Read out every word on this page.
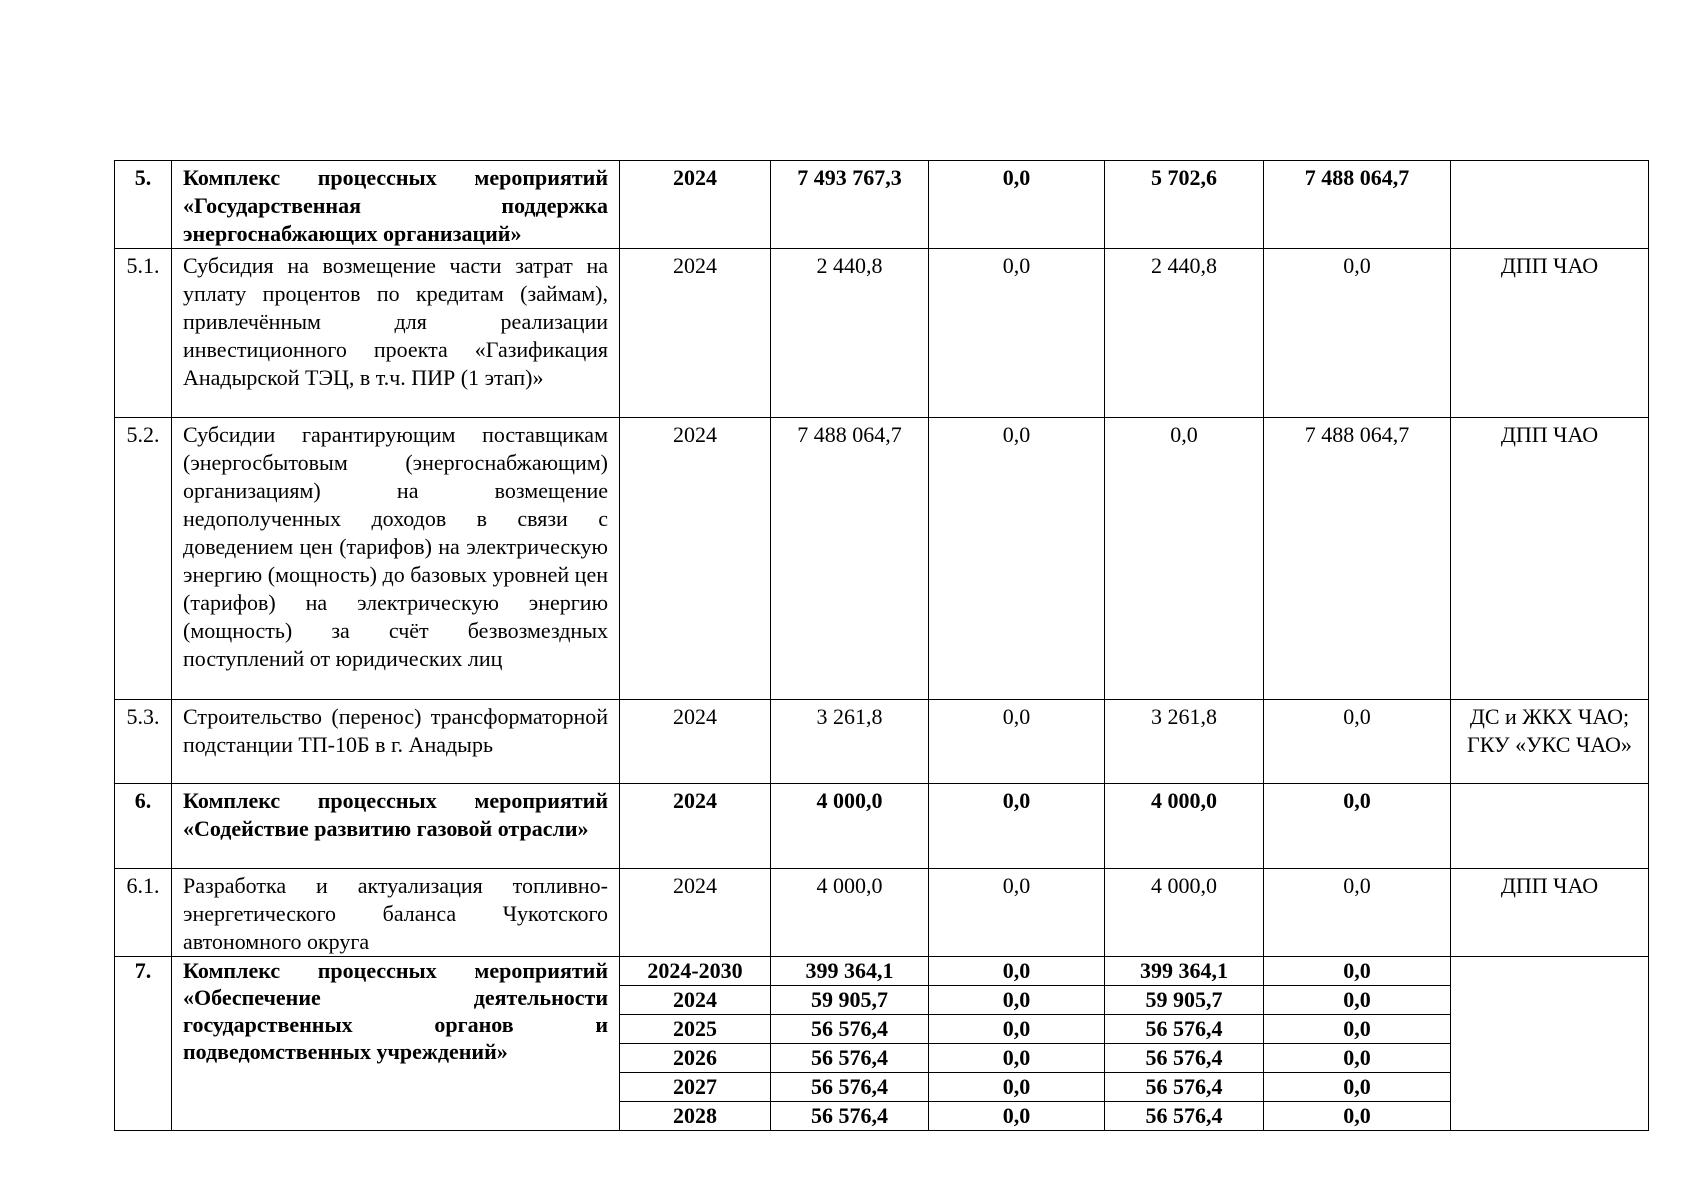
5.	Комплекс процессных мероприятий «Государственная поддержка энергоснабжающих организаций»	2024	7 493 767,3	0,0	5 702,6	7 488 064,7	
5.1.	Субсидия на возмещение части затрат на уплату процентов по кредитам (займам), привлечённым для реализации инвестиционного проекта «Газификация Анадырской ТЭЦ, в т.ч. ПИР (1 этап)»	2024	2 440,8	0,0	2 440,8	0,0	ДПП ЧАО
5.2.	Субсидии гарантирующим поставщикам (энергосбытовым (энергоснабжающим) организациям) на возмещение недополученных доходов в связи с доведением цен (тарифов) на электрическую энергию (мощность) до базовых уровней цен (тарифов) на электрическую энергию (мощность) за счёт безвозмездных поступлений от юридических лиц	2024	7 488 064,7	0,0	0,0	7 488 064,7	ДПП ЧАО
5.3.	Строительство (перенос) трансформаторной подстанции ТП-10Б в г. Анадырь	2024	3 261,8	0,0	3 261,8	0,0	ДС и ЖКХ ЧАО; ГКУ «УКС ЧАО»
6.	Комплекс процессных мероприятий «Содействие развитию газовой отрасли»	2024	4 000,0	0,0	4 000,0	0,0	
6.1.	Разработка и актуализация топливно-энергетического баланса Чукотского автономного округа	2024	4 000,0	0,0	4 000,0	0,0	ДПП ЧАО
7.	Комплекс процессных мероприятий «Обеспечение деятельности государственных органов и подведомственных учреждений»	2024-2030	399 364,1	0,0	399 364,1	0,0	
		2024	59 905,7	0,0	59 905,7	0,0	
		2025	56 576,4	0,0	56 576,4	0,0	
		2026	56 576,4	0,0	56 576,4	0,0	
		2027	56 576,4	0,0	56 576,4	0,0	
		2028	56 576,4	0,0	56 576,4	0,0	
